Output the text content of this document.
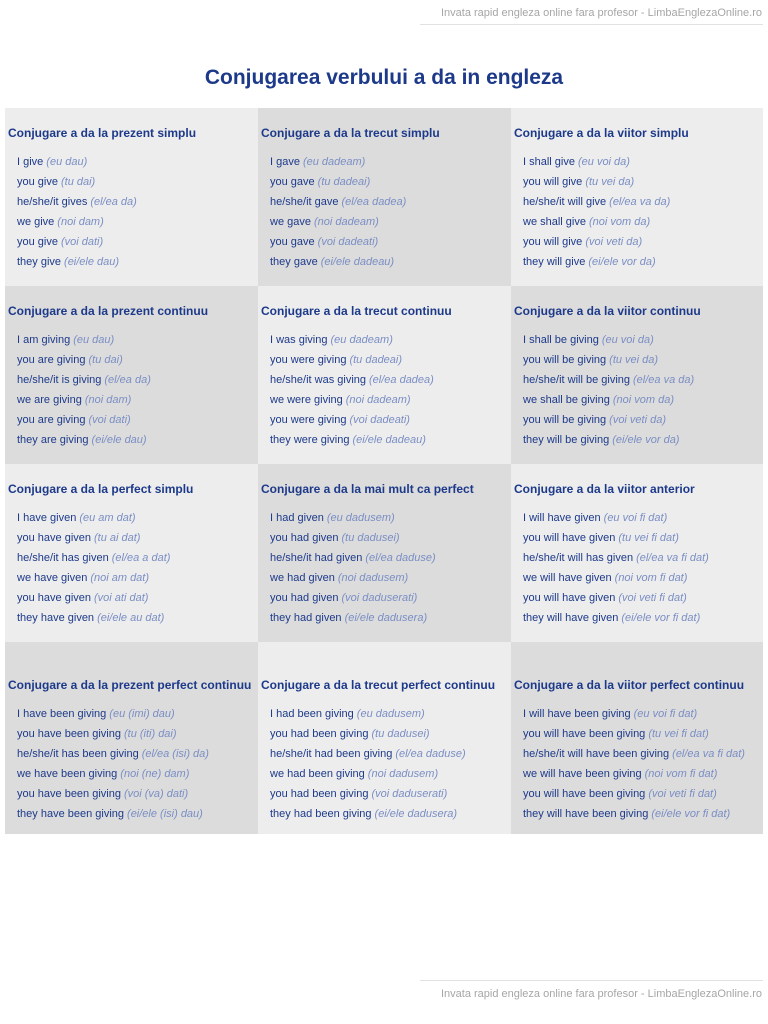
Invata rapid engleza online fara profesor - LimbaEnglezaOnline.ro
Conjugarea verbului a da in engleza
Conjugare a da la prezent simplu
I give (eu dau)
you give (tu dai)
he/she/it gives (el/ea da)
we give (noi dam)
you give (voi dati)
they give (ei/ele dau)
Conjugare a da la trecut simplu
I gave (eu dadeam)
you gave (tu dadeai)
he/she/it gave (el/ea dadea)
we gave (noi dadeam)
you gave (voi dadeati)
they gave (ei/ele dadeau)
Conjugare a da la viitor simplu
I shall give (eu voi da)
you will give (tu vei da)
he/she/it will give (el/ea va da)
we shall give (noi vom da)
you will give (voi veti da)
they will give (ei/ele vor da)
Conjugare a da la prezent continuu
I am giving (eu dau)
you are giving (tu dai)
he/she/it is giving (el/ea da)
we are giving (noi dam)
you are giving (voi dati)
they are giving (ei/ele dau)
Conjugare a da la trecut continuu
I was giving (eu dadeam)
you were giving (tu dadeai)
he/she/it was giving (el/ea dadea)
we were giving (noi dadeam)
you were giving (voi dadeati)
they were giving (ei/ele dadeau)
Conjugare a da la viitor continuu
I shall be giving (eu voi da)
you will be giving (tu vei da)
he/she/it will be giving (el/ea va da)
we shall be giving (noi vom da)
you will be giving (voi veti da)
they will be giving (ei/ele vor da)
Conjugare a da la perfect simplu
I have given (eu am dat)
you have given (tu ai dat)
he/she/it has given (el/ea a dat)
we have given (noi am dat)
you have given (voi ati dat)
they have given (ei/ele au dat)
Conjugare a da la mai mult ca perfect
I had given (eu dadusem)
you had given (tu dadusei)
he/she/it had given (el/ea daduse)
we had given (noi dadusem)
you had given (voi daduserati)
they had given (ei/ele dadusera)
Conjugare a da la viitor anterior
I will have given (eu voi fi dat)
you will have given (tu vei fi dat)
he/she/it will has given (el/ea va fi dat)
we will have given (noi vom fi dat)
you will have given (voi veti fi dat)
they will have given (ei/ele vor fi dat)
Conjugare a da la prezent perfect continuu
I have been giving (eu (imi) dau)
you have been giving (tu (iti) dai)
he/she/it has been giving (el/ea (isi) da)
we have been giving (noi (ne) dam)
you have been giving (voi (va) dati)
they have been giving (ei/ele (isi) dau)
Conjugare a da la trecut perfect continuu
I had been giving (eu dadusem)
you had been giving (tu dadusei)
he/she/it had been giving (el/ea daduse)
we had been giving (noi dadusem)
you had been giving (voi daduserati)
they had been giving (ei/ele dadusera)
Conjugare a da la viitor perfect continuu
I will have been giving (eu voi fi dat)
you will have been giving (tu vei fi dat)
he/she/it will have been giving (el/ea va fi dat)
we will have been giving (noi vom fi dat)
you will have been giving (voi veti fi dat)
they will have been giving (ei/ele vor fi dat)
Invata rapid engleza online fara profesor - LimbaEnglezaOnline.ro
